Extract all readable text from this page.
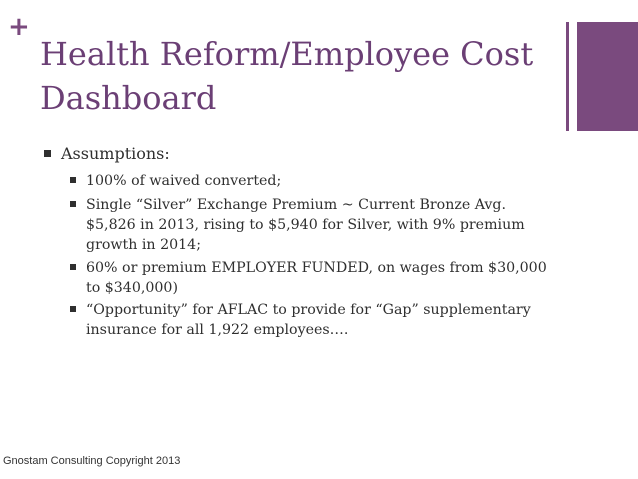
+
Health Reform/Employee Cost Dashboard
Assumptions:
100% of waived converted;
Single “Silver” Exchange Premium ~ Current Bronze Avg. $5,826 in 2013, rising to $5,940 for Silver, with 9% premium growth in 2014;
60% or premium EMPLOYER FUNDED, on wages from $30,000 to $340,000)
“Opportunity” for AFLAC to provide for “Gap” supplementary insurance for all 1,922 employees….
Gnostam Consulting Copyright 2013
